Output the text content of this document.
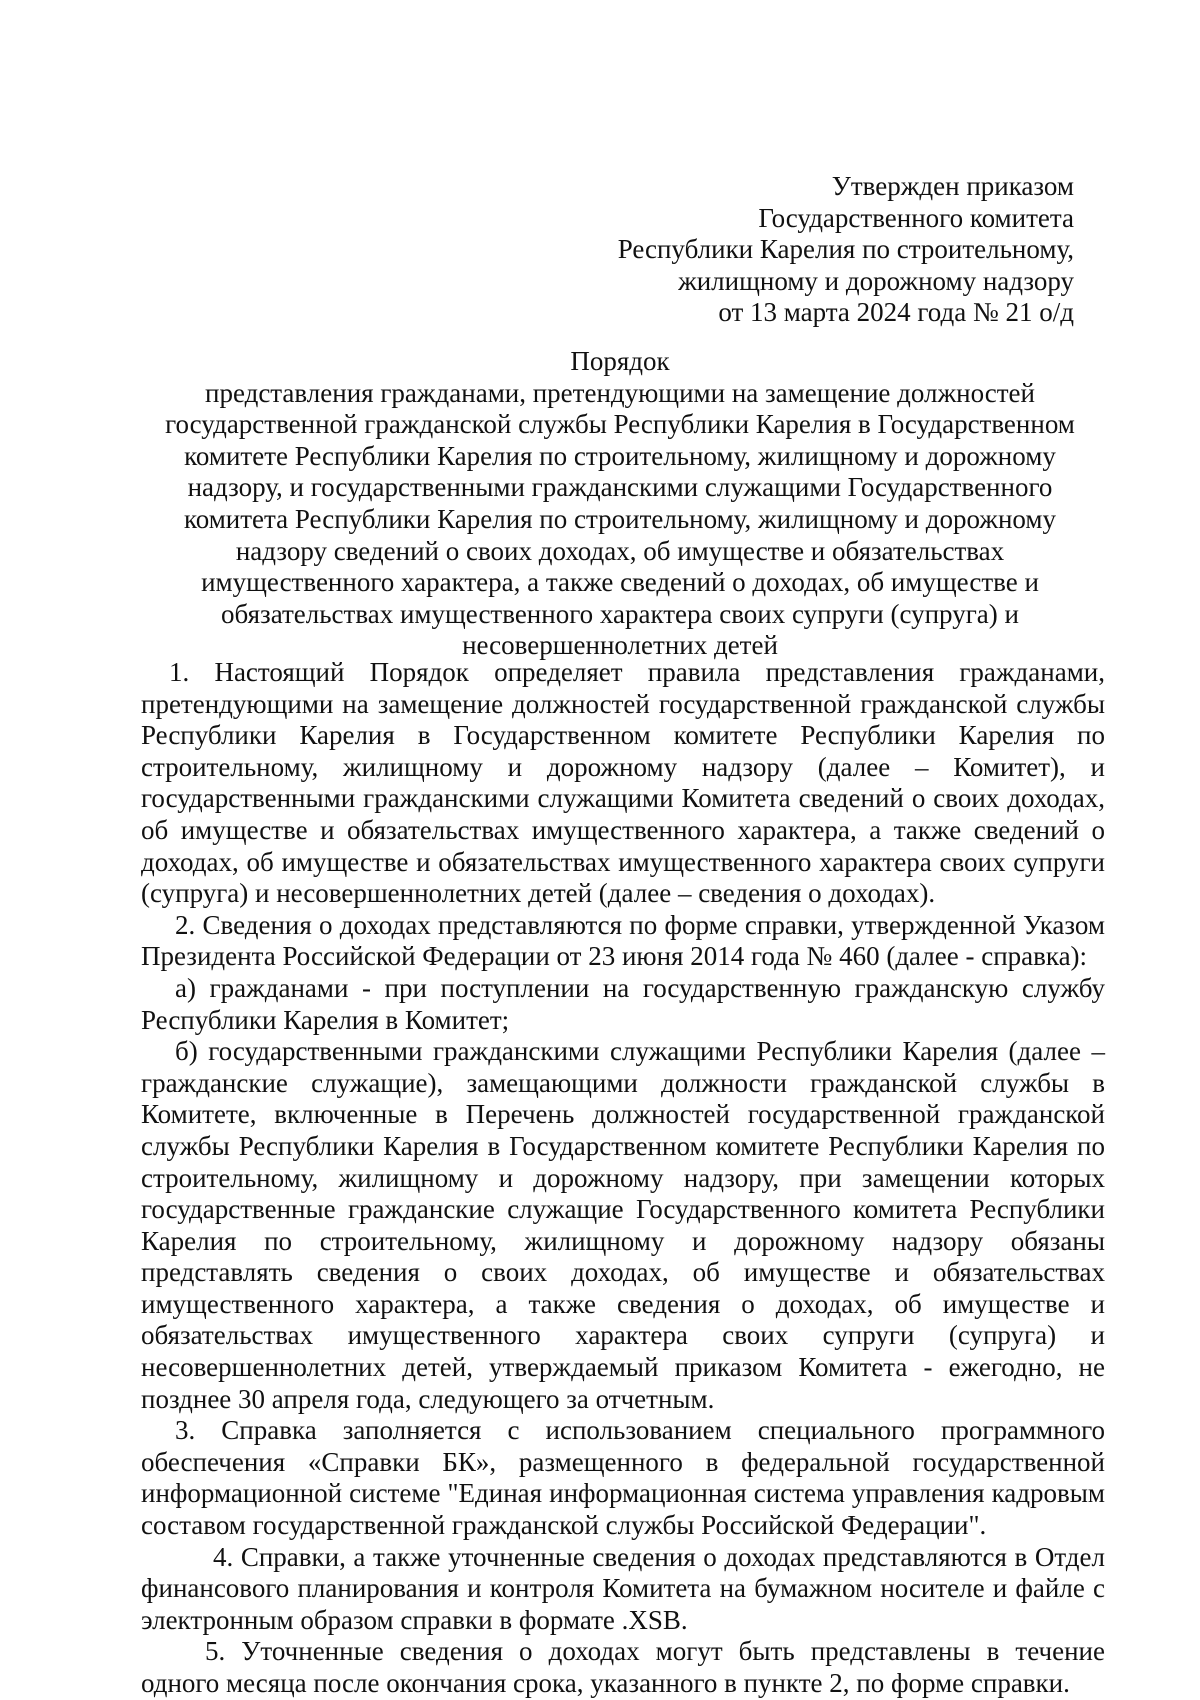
Утвержден приказом
Государственного комитета
Республики Карелия по строительному,
жилищному и дорожному надзору
от 13 марта 2024 года № 21 о/д
Порядок

представления гражданами, претендующими на замещение должностей государственной гражданской службы Республики Карелия в Государственном комитете Республики Карелия по строительному, жилищному и дорожному надзору, и государственными гражданскими служащими Государственного комитета Республики Карелия по строительному, жилищному и дорожному надзору сведений о своих доходах, об имуществе и обязательствах имущественного характера, а также сведений о доходах, об имуществе и обязательствах имущественного характера своих супруги (супруга) и несовершеннолетних детей

1. Настоящий Порядок определяет правила представления гражданами, претендующими на замещение должностей государственной гражданской службы Республики Карелия в Государственном комитете Республики Карелия по строительному, жилищному и дорожному надзору (далее – Комитет), и государственными гражданскими служащими Комитета сведений о своих доходах, об имуществе и обязательствах имущественного характера, а также сведений о доходах, об имуществе и обязательствах имущественного характера своих супруги (супруга) и несовершеннолетних детей (далее – сведения о доходах).

2. Сведения о доходах представляются по форме справки, утвержденной Указом Президента Российской Федерации от 23 июня 2014 года № 460 (далее - справка):

а) гражданами - при поступлении на государственную гражданскую службу Республики Карелия в Комитет;

б) государственными гражданскими служащими Республики Карелия (далее – гражданские служащие), замещающими должности гражданской службы в Комитете, включенные в Перечень должностей государственной гражданской службы Республики Карелия в Государственном комитете Республики Карелия по строительному, жилищному и дорожному надзору, при замещении которых государственные гражданские служащие Государственного комитета Республики Карелия по строительному, жилищному и дорожному надзору обязаны представлять сведения о своих доходах, об имуществе и обязательствах имущественного характера, а также сведения о доходах, об имуществе и обязательствах имущественного характера своих супруги (супруга) и несовершеннолетних детей, утверждаемый приказом Комитета - ежегодно, не позднее 30 апреля года, следующего за отчетным.

3. Справка заполняется с использованием специального программного обеспечения «Справки БК», размещенного в федеральной государственной информационной системе "Единая информационная система управления кадровым составом государственной гражданской службы Российской Федерации".

4. Справки, а также уточненные сведения о доходах представляются в Отдел финансового планирования и контроля Комитета на бумажном носителе и файле с электронным образом справки в формате .XSB.

5. Уточненные сведения о доходах могут быть представлены в течение одного месяца после окончания срока, указанного в пункте 2, по форме справки.
